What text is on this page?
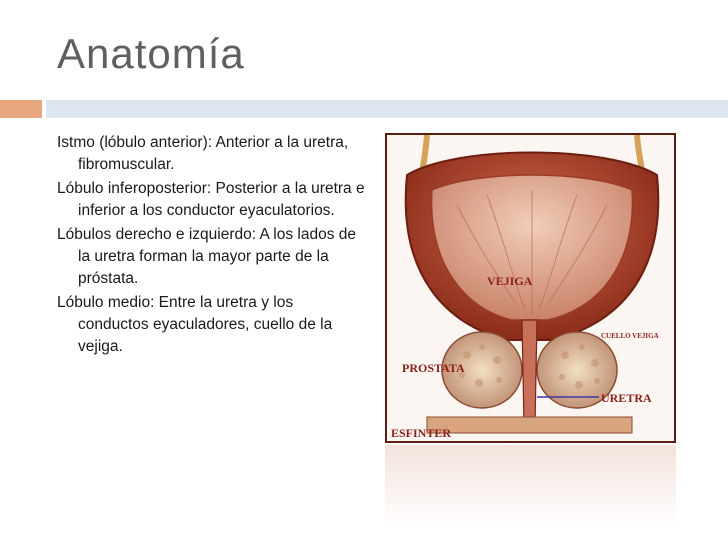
Anatomía
Istmo (lóbulo anterior): Anterior a la uretra, fibromuscular.
Lóbulo inferoposterior: Posterior a la uretra e inferior a los conductor eyaculatorios.
Lóbulos derecho e izquierdo: A los lados de la uretra forman la mayor parte de la próstata.
Lóbulo medio: Entre la uretra y los conductos eyaculadores, cuello de la vejiga.
VEJIGA
CUELLO VEJIGA
PROSTATA
URETRA
ESFINTER
